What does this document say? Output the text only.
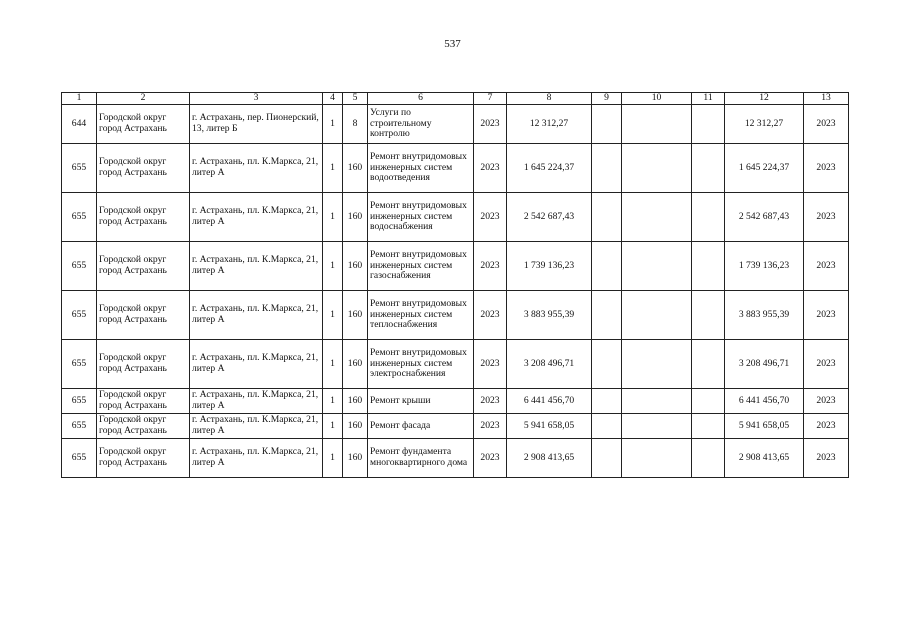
537
1	2	3	4	5	6	7	8	9	10	11	12	13
644	Городской округ город Астрахань	г. Астрахань, пер. Пионерский, 13, литер Б	1	8	Услуги по строительному контролю	2023	12 312,27				12 312,27	2023
655	Городской округ город Астрахань	г. Астрахань, пл. К.Маркса, 21, литер А	1	160	Ремонт внутридомовых инженерных систем водоотведения	2023	1 645 224,37				1 645 224,37	2023
655	Городской округ город Астрахань	г. Астрахань, пл. К.Маркса, 21, литер А	1	160	Ремонт внутридомовых инженерных систем водоснабжения	2023	2 542 687,43				2 542 687,43	2023
655	Городской округ город Астрахань	г. Астрахань, пл. К.Маркса, 21, литер А	1	160	Ремонт внутридомовых инженерных систем газоснабжения	2023	1 739 136,23				1 739 136,23	2023
655	Городской округ город Астрахань	г. Астрахань, пл. К.Маркса, 21, литер А	1	160	Ремонт внутридомовых инженерных систем теплоснабжения	2023	3 883 955,39				3 883 955,39	2023
655	Городской округ город Астрахань	г. Астрахань, пл. К.Маркса, 21, литер А	1	160	Ремонт внутридомовых инженерных систем электроснабжения	2023	3 208 496,71				3 208 496,71	2023
655	Городской округ город Астрахань	г. Астрахань, пл. К.Маркса, 21, литер А	1	160	Ремонт крыши	2023	6 441 456,70				6 441 456,70	2023
655	Городской округ город Астрахань	г. Астрахань, пл. К.Маркса, 21, литер А	1	160	Ремонт фасада	2023	5 941 658,05				5 941 658,05	2023
655	Городской округ город Астрахань	г. Астрахань, пл. К.Маркса, 21, литер А	1	160	Ремонт фундамента многоквартирного дома	2023	2 908 413,65				2 908 413,65	2023
